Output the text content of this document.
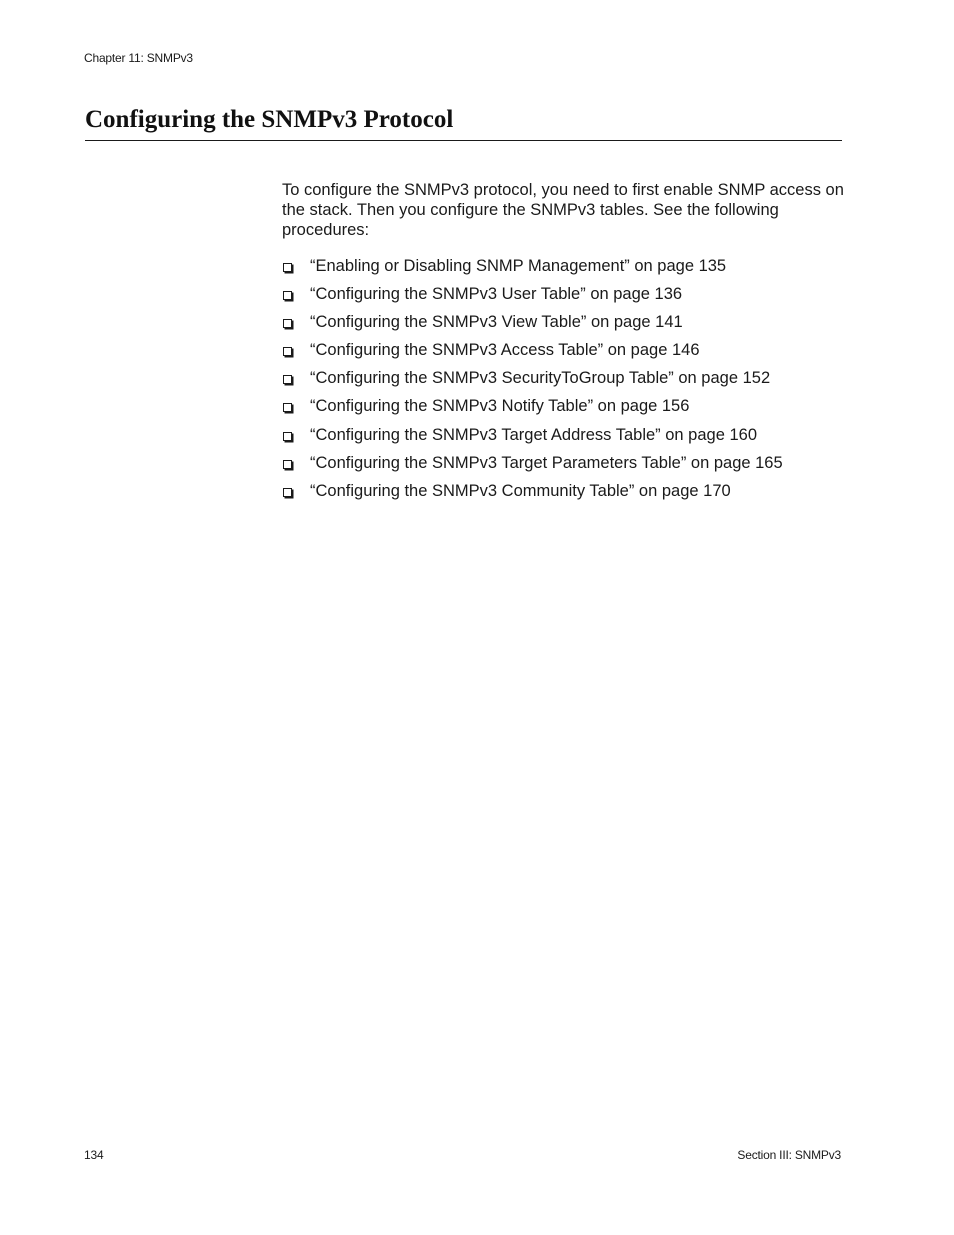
Chapter 11: SNMPv3
Configuring the SNMPv3 Protocol

To configure the SNMPv3 protocol, you need to first enable SNMP access on the stack. Then you configure the SNMPv3 tables. See the following procedures:

“Enabling or Disabling SNMP Management” on page 135
“Configuring the SNMPv3 User Table” on page 136
“Configuring the SNMPv3 View Table” on page 141
“Configuring the SNMPv3 Access Table” on page 146
“Configuring the SNMPv3 SecurityToGroup Table” on page 152
“Configuring the SNMPv3 Notify Table” on page 156
“Configuring the SNMPv3 Target Address Table” on page 160
“Configuring the SNMPv3 Target Parameters Table” on page 165
“Configuring the SNMPv3 Community Table” on page 170
134	Section III: SNMPv3
